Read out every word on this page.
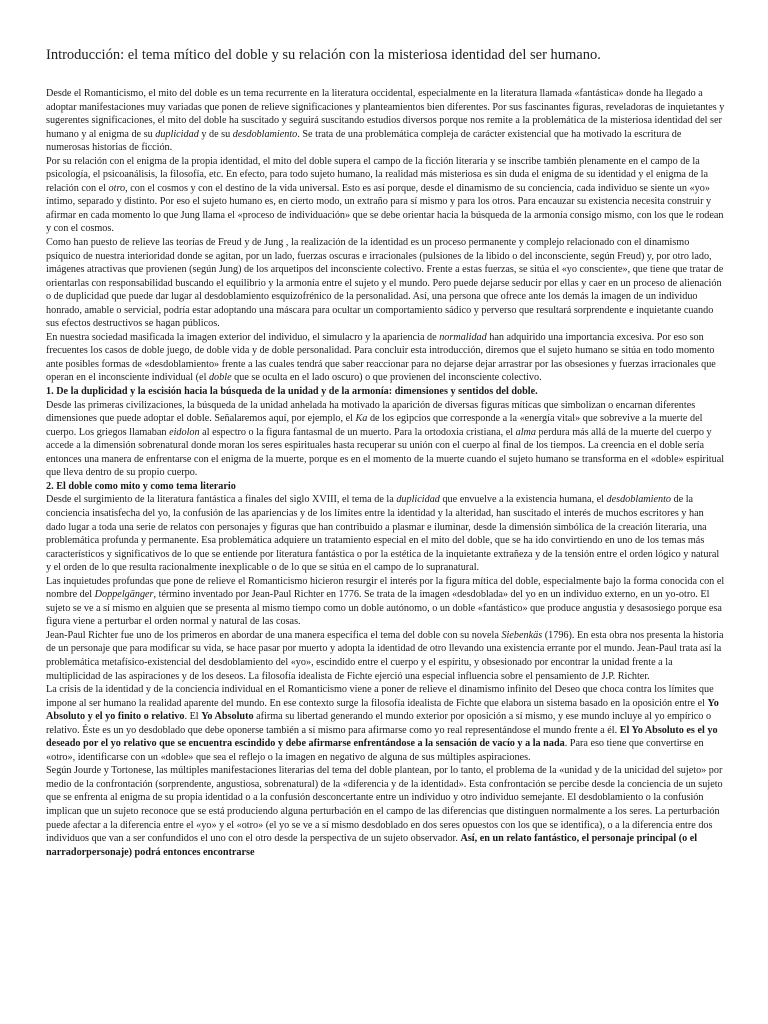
Introducción: el tema mítico del doble y su relación con la misteriosa identidad del ser humano.

Desde el Romanticismo, el mito del doble es un tema recurrente en la literatura occidental, especialmente en la literatura llamada «fantástica» donde ha llegado a adoptar manifestaciones muy variadas que ponen de relieve significaciones y planteamientos bien diferentes. Por sus fascinantes figuras, reveladoras de inquietantes y sugerentes significaciones, el mito del doble ha suscitado y seguirá suscitando estudios diversos porque nos remite a la problemática de la misteriosa identidad del ser humano y al enigma de su duplicidad y de su desdoblamiento. Se trata de una problemática compleja de carácter existencial que ha motivado la escritura de numerosas historias de ficción.

Por su relación con el enigma de la propia identidad, el mito del doble supera el campo de la ficción literaria y se inscribe también plenamente en el campo de la psicología, el psicoanálisis, la filosofía, etc. En efecto, para todo sujeto humano, la realidad más misteriosa es sin duda el enigma de su identidad y el enigma de la relación con el otro, con el cosmos y con el destino de la vida universal. Esto es así porque, desde el dinamismo de su conciencia, cada individuo se siente un «yo» íntimo, separado y distinto. Por eso el sujeto humano es, en cierto modo, un extraño para sí mismo y para los otros. Para encauzar su existencia necesita construir y afirmar en cada momento lo que Jung llama el «proceso de individuación» que se debe orientar hacia la búsqueda de la armonía consigo mismo, con los que le rodean y con el cosmos.

Como han puesto de relieve las teorías de Freud y de Jung , la realización de la identidad es un proceso permanente y complejo relacionado con el dinamismo psíquico de nuestra interioridad donde se agitan, por un lado, fuerzas oscuras e irracionales (pulsiones de la libido o del inconsciente, según Freud) y, por otro lado, imágenes atractivas que provienen (según Jung) de los arquetipos del inconsciente colectivo. Frente a estas fuerzas, se sitúa el «yo consciente», que tiene que tratar de orientarlas con responsabilidad buscando el equilibrio y la armonía entre el sujeto y el mundo. Pero puede dejarse seducir por ellas y caer en un proceso de alienación o de duplicidad que puede dar lugar al desdoblamiento esquizofrénico de la personalidad. Así, una persona que ofrece ante los demás la imagen de un individuo honrado, amable o servicial, podría estar adoptando una máscara para ocultar un comportamiento sádico y perverso que resultará sorprendente e inquietante cuando sus efectos destructivos se hagan públicos.

En nuestra sociedad masificada la imagen exterior del individuo, el simulacro y la apariencia de normalidad han adquirido una importancia excesiva. Por eso son frecuentes los casos de doble juego, de doble vida y de doble personalidad. Para concluir esta introducción, diremos que el sujeto humano se sitúa en todo momento ante posibles formas de «desdoblamiento» frente a las cuales tendrá que saber reaccionar para no dejarse dejar arrastrar por las obsesiones y fuerzas irracionales que operan en el inconsciente individual (el doble que se oculta en el lado oscuro) o que provienen del inconsciente colectivo.

1. De la duplicidad y la escisión hacia la búsqueda de la unidad y de la armonía: dimensiones y sentidos del doble.

Desde las primeras civilizaciones, la búsqueda de la unidad anhelada ha motivado la aparición de diversas figuras míticas que simbolizan o encarnan diferentes dimensiones que puede adoptar el doble. Señalaremos aquí, por ejemplo, el Ka de los egipcios que corresponde a la «energía vital» que sobrevive a la muerte del cuerpo. Los griegos llamaban eidolon al espectro o la figura fantasmal de un muerto. Para la ortodoxia cristiana, el alma perdura más allá de la muerte del cuerpo y accede a la dimensión sobrenatural donde moran los seres espirituales hasta recuperar su unión con el cuerpo al final de los tiempos. La creencia en el doble sería entonces una manera de enfrentarse con el enigma de la muerte, porque es en el momento de la muerte cuando el sujeto humano se transforma en el «doble» espiritual que lleva dentro de su propio cuerpo.

2. El doble como mito y como tema literario

Desde el surgimiento de la literatura fantástica a finales del siglo XVIII, el tema de la duplicidad que envuelve a la existencia humana, el desdoblamiento de la conciencia insatisfecha del yo, la confusión de las apariencias y de los límites entre la identidad y la alteridad, han suscitado el interés de muchos escritores y han dado lugar a toda una serie de relatos con personajes y figuras que han contribuido a plasmar e iluminar, desde la dimensión simbólica de la creación literaria, una problemática profunda y permanente. Esa problemática adquiere un tratamiento especial en el mito del doble, que se ha ido convirtiendo en uno de los temas más característicos y significativos de lo que se entiende por literatura fantástica o por la estética de la inquietante extrañeza y de la tensión entre el orden lógico y natural y el orden de lo que resulta racionalmente inexplicable o de lo que se sitúa en el campo de lo supranatural.

Las inquietudes profundas que pone de relieve el Romanticismo hicieron resurgir el interés por la figura mítica del doble, especialmente bajo la forma conocida con el nombre del Doppelgänger, término inventado por Jean-Paul Richter en 1776. Se trata de la imagen «desdoblada» del yo en un individuo externo, en un yo-otro. El sujeto se ve a sí mismo en alguien que se presenta al mismo tiempo como un doble autónomo, o un doble «fantástico» que produce angustia y desasosiego porque esa figura viene a perturbar el orden normal y natural de las cosas.

Jean-Paul Richter fue uno de los primeros en abordar de una manera específica el tema del doble con su novela Siebenkäs (1796). En esta obra nos presenta la historia de un personaje que para modificar su vida, se hace pasar por muerto y adopta la identidad de otro llevando una existencia errante por el mundo. Jean-Paul trata así la problemática metafísico-existencial del desdoblamiento del «yo», escindido entre el cuerpo y el espíritu, y obsesionado por encontrar la unidad frente a la multiplicidad de las aspiraciones y de los deseos. La filosofía idealista de Fichte ejerció una especial influencia sobre el pensamiento de J.P. Richter.

La crisis de la identidad y de la conciencia individual en el Romanticismo viene a poner de relieve el dinamismo infinito del Deseo que choca contra los límites que impone al ser humano la realidad aparente del mundo. En ese contexto surge la filosofía idealista de Fichte que elabora un sistema basado en la oposición entre el Yo Absoluto y el yo finito o relativo. El Yo Absoluto afirma su libertad generando el mundo exterior por oposición a sí mismo, y ese mundo incluye al yo empírico o relativo. Éste es un yo desdoblado que debe oponerse también a sí mismo para afirmarse como yo real representándose el mundo frente a él. El Yo Absoluto es el yo deseado por el yo relativo que se encuentra escindido y debe afirmarse enfrentándose a la sensación de vacío y a la nada. Para eso tiene que convertirse en «otro», identificarse con un «doble» que sea el reflejo o la imagen en negativo de alguna de sus múltiples aspiraciones.

Según Jourde y Tortonese, las múltiples manifestaciones literarias del tema del doble plantean, por lo tanto, el problema de la «unidad y de la unicidad del sujeto» por medio de la confrontación (sorprendente, angustiosa, sobrenatural) de la «diferencia y de la identidad». Esta confrontación se percibe desde la conciencia de un sujeto que se enfrenta al enigma de su propia identidad o a la confusión desconcertante entre un individuo y otro individuo semejante. El desdoblamiento o la confusión implican que un sujeto reconoce que se está produciendo alguna perturbación en el campo de las diferencias que distinguen normalmente a los seres. La perturbación puede afectar a la diferencia entre el «yo» y el «otro» (el yo se ve a sí mismo desdoblado en dos seres opuestos con los que se identifica), o a la diferencia entre dos individuos que van a ser confundidos el uno con el otro desde la perspectiva de un sujeto observador. Así, en un relato fantástico, el personaje principal (o el narradorpersonaje) podrá entonces encontrarse
